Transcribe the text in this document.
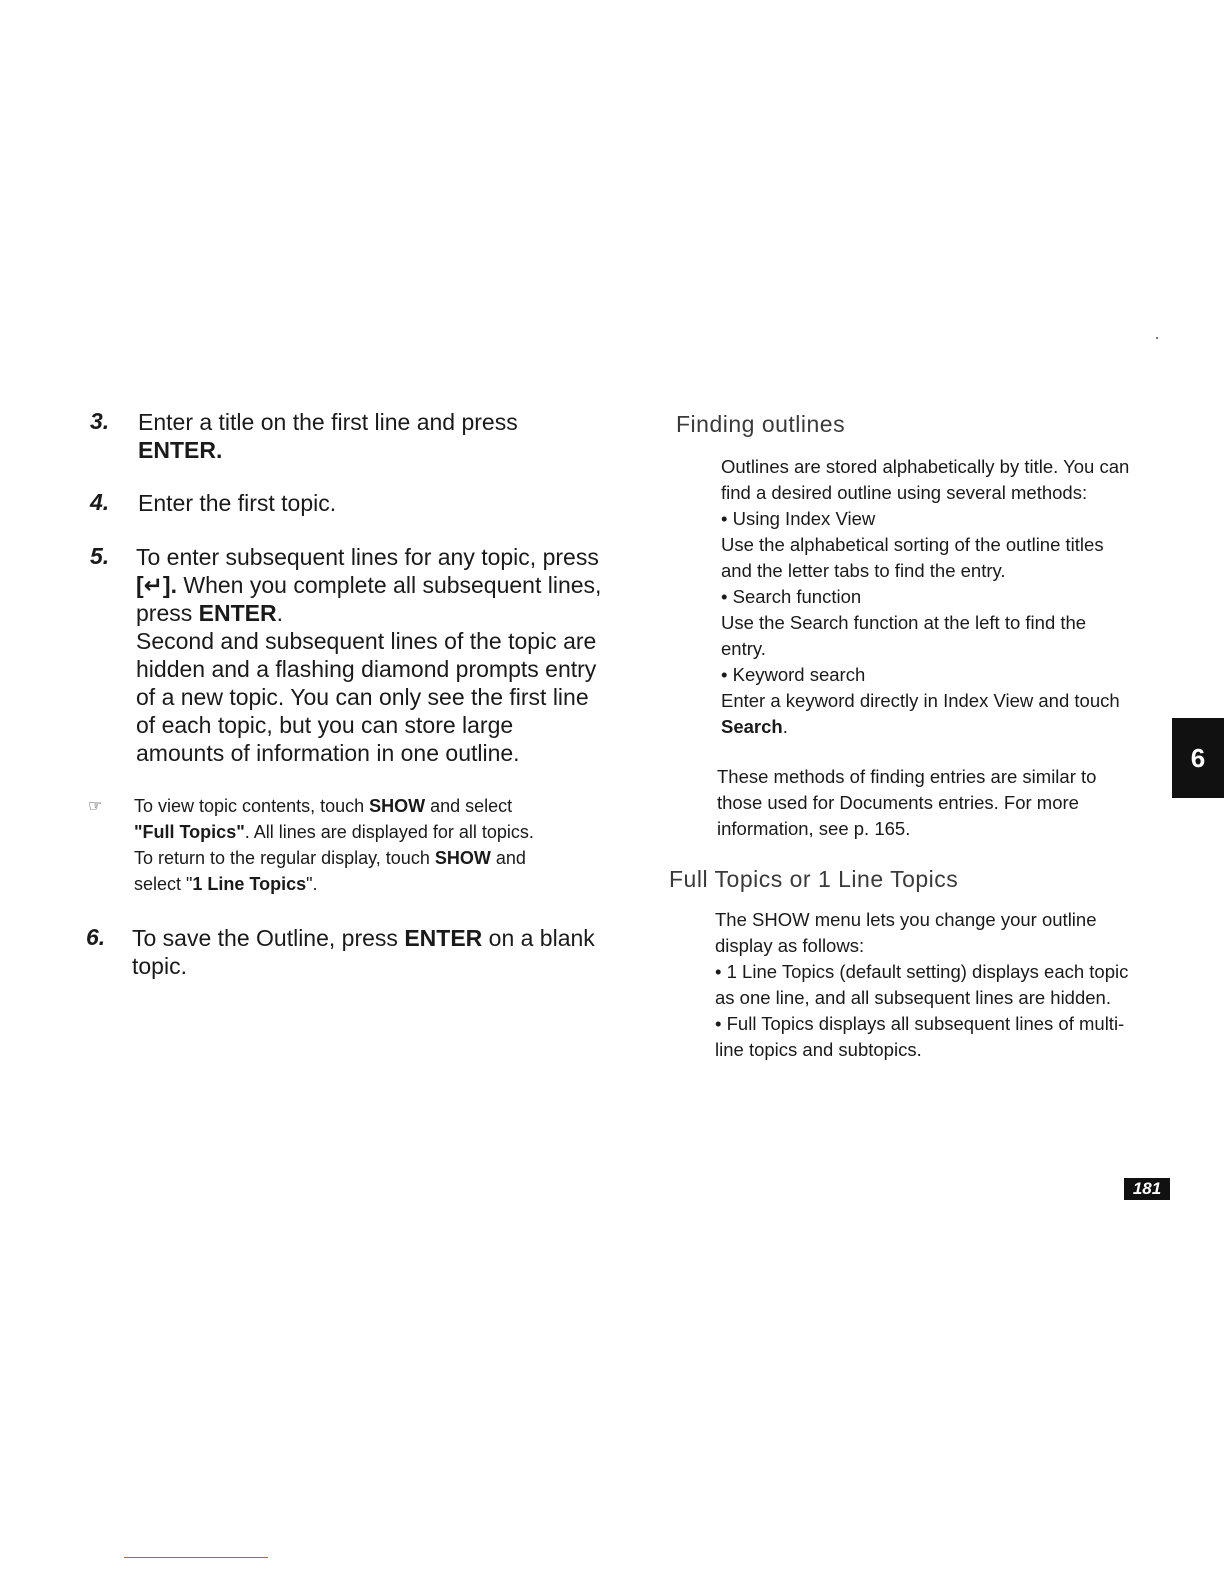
3.	Enter a title on the first line and press

ENTER.

4.	Enter the first topic.

5.	To enter subsequent lines for any topic, press

[↵]. When you complete all subsequent lines,

press ENTER.

Second and subsequent lines of the topic are

hidden and a flashing diamond prompts entry

of a new topic. You can only see the first line

of each topic, but you can store large

amounts of information in one outline.

☞ To view topic contents, touch SHOW and select
"Full Topics". All lines are displayed for all topics.
To return to the regular display, touch SHOW and
select "1 Line Topics".
6.	To save the Outline, press ENTER on a blank

topic.

Finding outlines

Outlines are stored alphabetically by title. You can

find a desired outline using several methods:

• Using Index View

Use the alphabetical sorting of the outline titles

and the letter tabs to find the entry.

• Search function

Use the Search function at the left to find the

entry.

• Keyword search

Enter a keyword directly in Index View and touch

Search.

These methods of finding entries are similar to

those used for Documents entries. For more

information, see p. 165.

Full Topics or 1 Line Topics

The SHOW menu lets you change your outline

display as follows:

• 1 Line Topics (default setting) displays each topic

as one line, and all subsequent lines are hidden.

• Full Topics displays all subsequent lines of multi-

line topics and subtopics.

6
181
